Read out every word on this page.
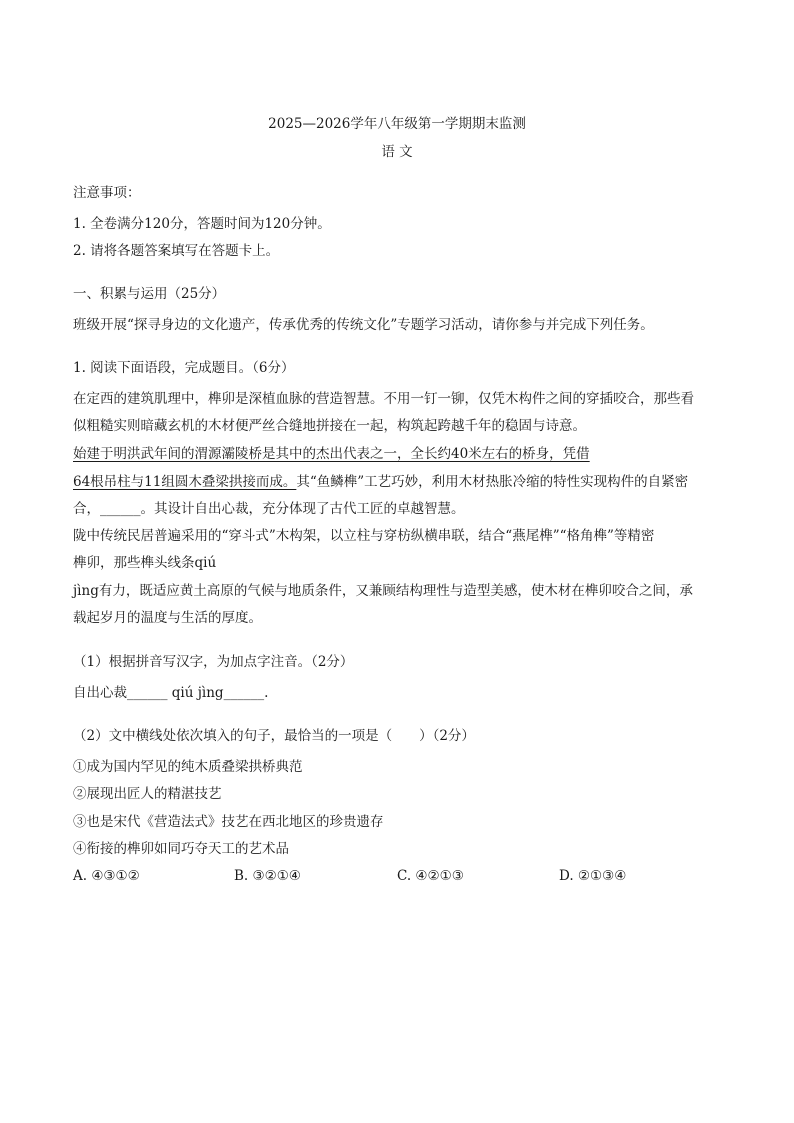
2025—2026学年八年级第一学期期末监测
语 文
注意事项：
1. 全卷满分120分，答题时间为120分钟。
2. 请将各题答案填写在答题卡上。
一、积累与运用（25分）
班级开展“探寻身边的文化遗产，传承优秀的传统文化”专题学习活动，请你参与并完成下列任务。
1. 阅读下面语段，完成题目。（6分）
在定西的建筑肌理中，榫卯是深植血脉的营造智慧。不用一钉一铆，仅凭木构件之间的穿插咬合，那些看
似粗糙实则暗藏玄机的木材便严丝合缝地拼接在一起，构筑起跨越千年的稳固与诗意。
始建于明洪武年间的渭源灞陵桥是其中的杰出代表之一，全长约40米左右的桥身，凭借
64根吊柱与11组圆木叠梁拱接而成。其“鱼鳞榫”工艺巧妙，利用木材热胀冷缩的特性实现构件的自紧密
合，______。其设计自出心裁，充分体现了古代工匠的卓越智慧。
陇中传统民居普遍采用的“穿斗式”木构架，以立柱与穿枋纵横串联，结合“燕尾榫”“格角榫”等精密
榫卯，那些榫头线条qiú
jìng有力，既适应黄土高原的气候与地质条件，又兼顾结构理性与造型美感，使木材在榫卯咬合之间，承
载起岁月的温度与生活的厚度。
（1）根据拼音写汉字，为加点字注音。（2分）
自出心裁______ qiú jìng______.
（2）文中横线处依次填入的句子，最恰当的一项是（　　）（2分）
①成为国内罕见的纯木质叠梁拱桥典范
②展现出匠人的精湛技艺
③也是宋代《营造法式》技艺在西北地区的珍贵遗存
④衔接的榫卯如同巧夺天工的艺术品
A. ④③①②	B. ③②①④	C. ④②①③	D. ②①③④
